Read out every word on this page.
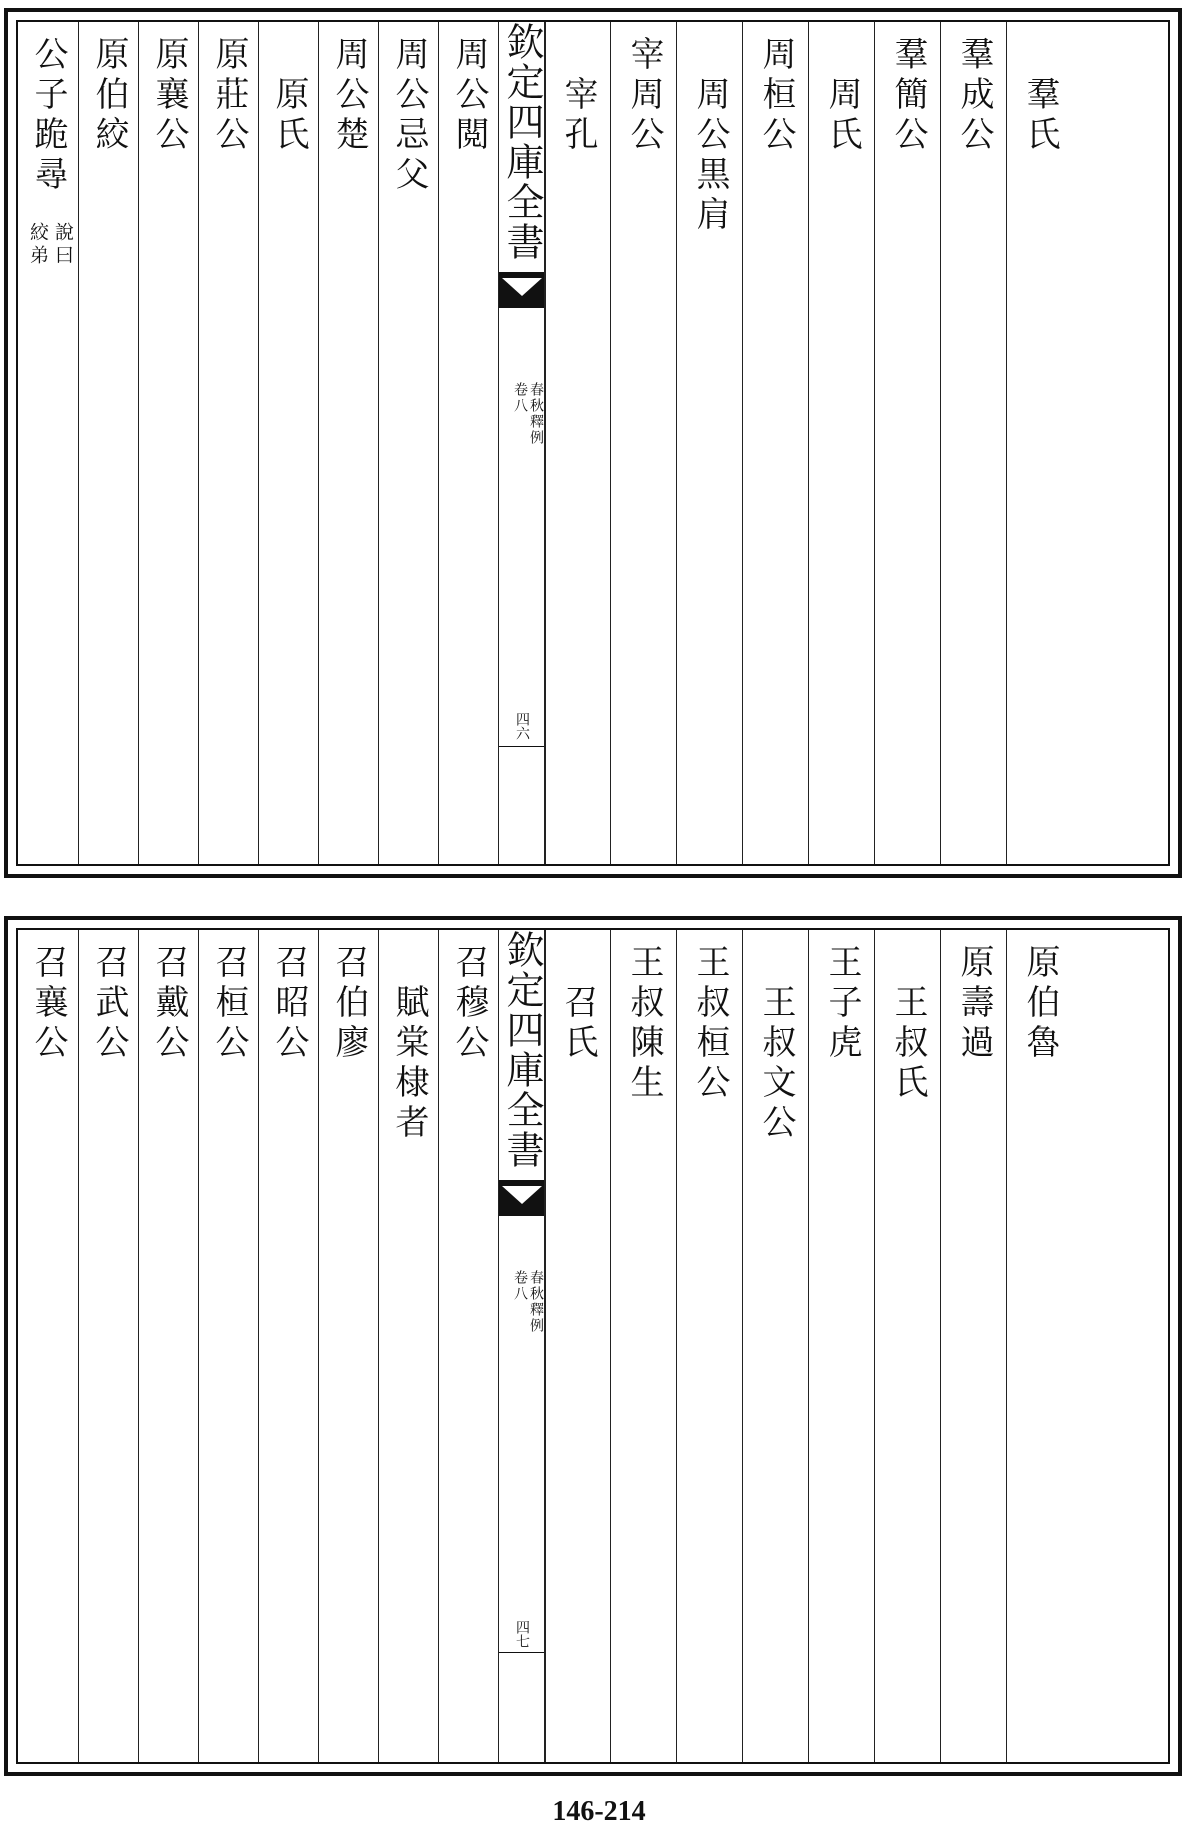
公子跪尋
說曰
絞弟
原伯絞 原襄公 原莊公 原氏 周公楚 周公忌父 周公閲 欽定四庫全書
春秋釋例
卷八
四六
宰孔 宰周公 周公黒肩 周桓公 周氏 羣簡公 羣成公 羣氏
召襄公 召武公 召戴公 召桓公 召昭公 召伯廖 賦棠棣者 召穆公 欽定四庫全書
春秋釋例
卷八
四七
召氏 王叔陳生 王叔桓公 王叔文公 王子虎 王叔氏 原壽過 原伯魯
146-214
